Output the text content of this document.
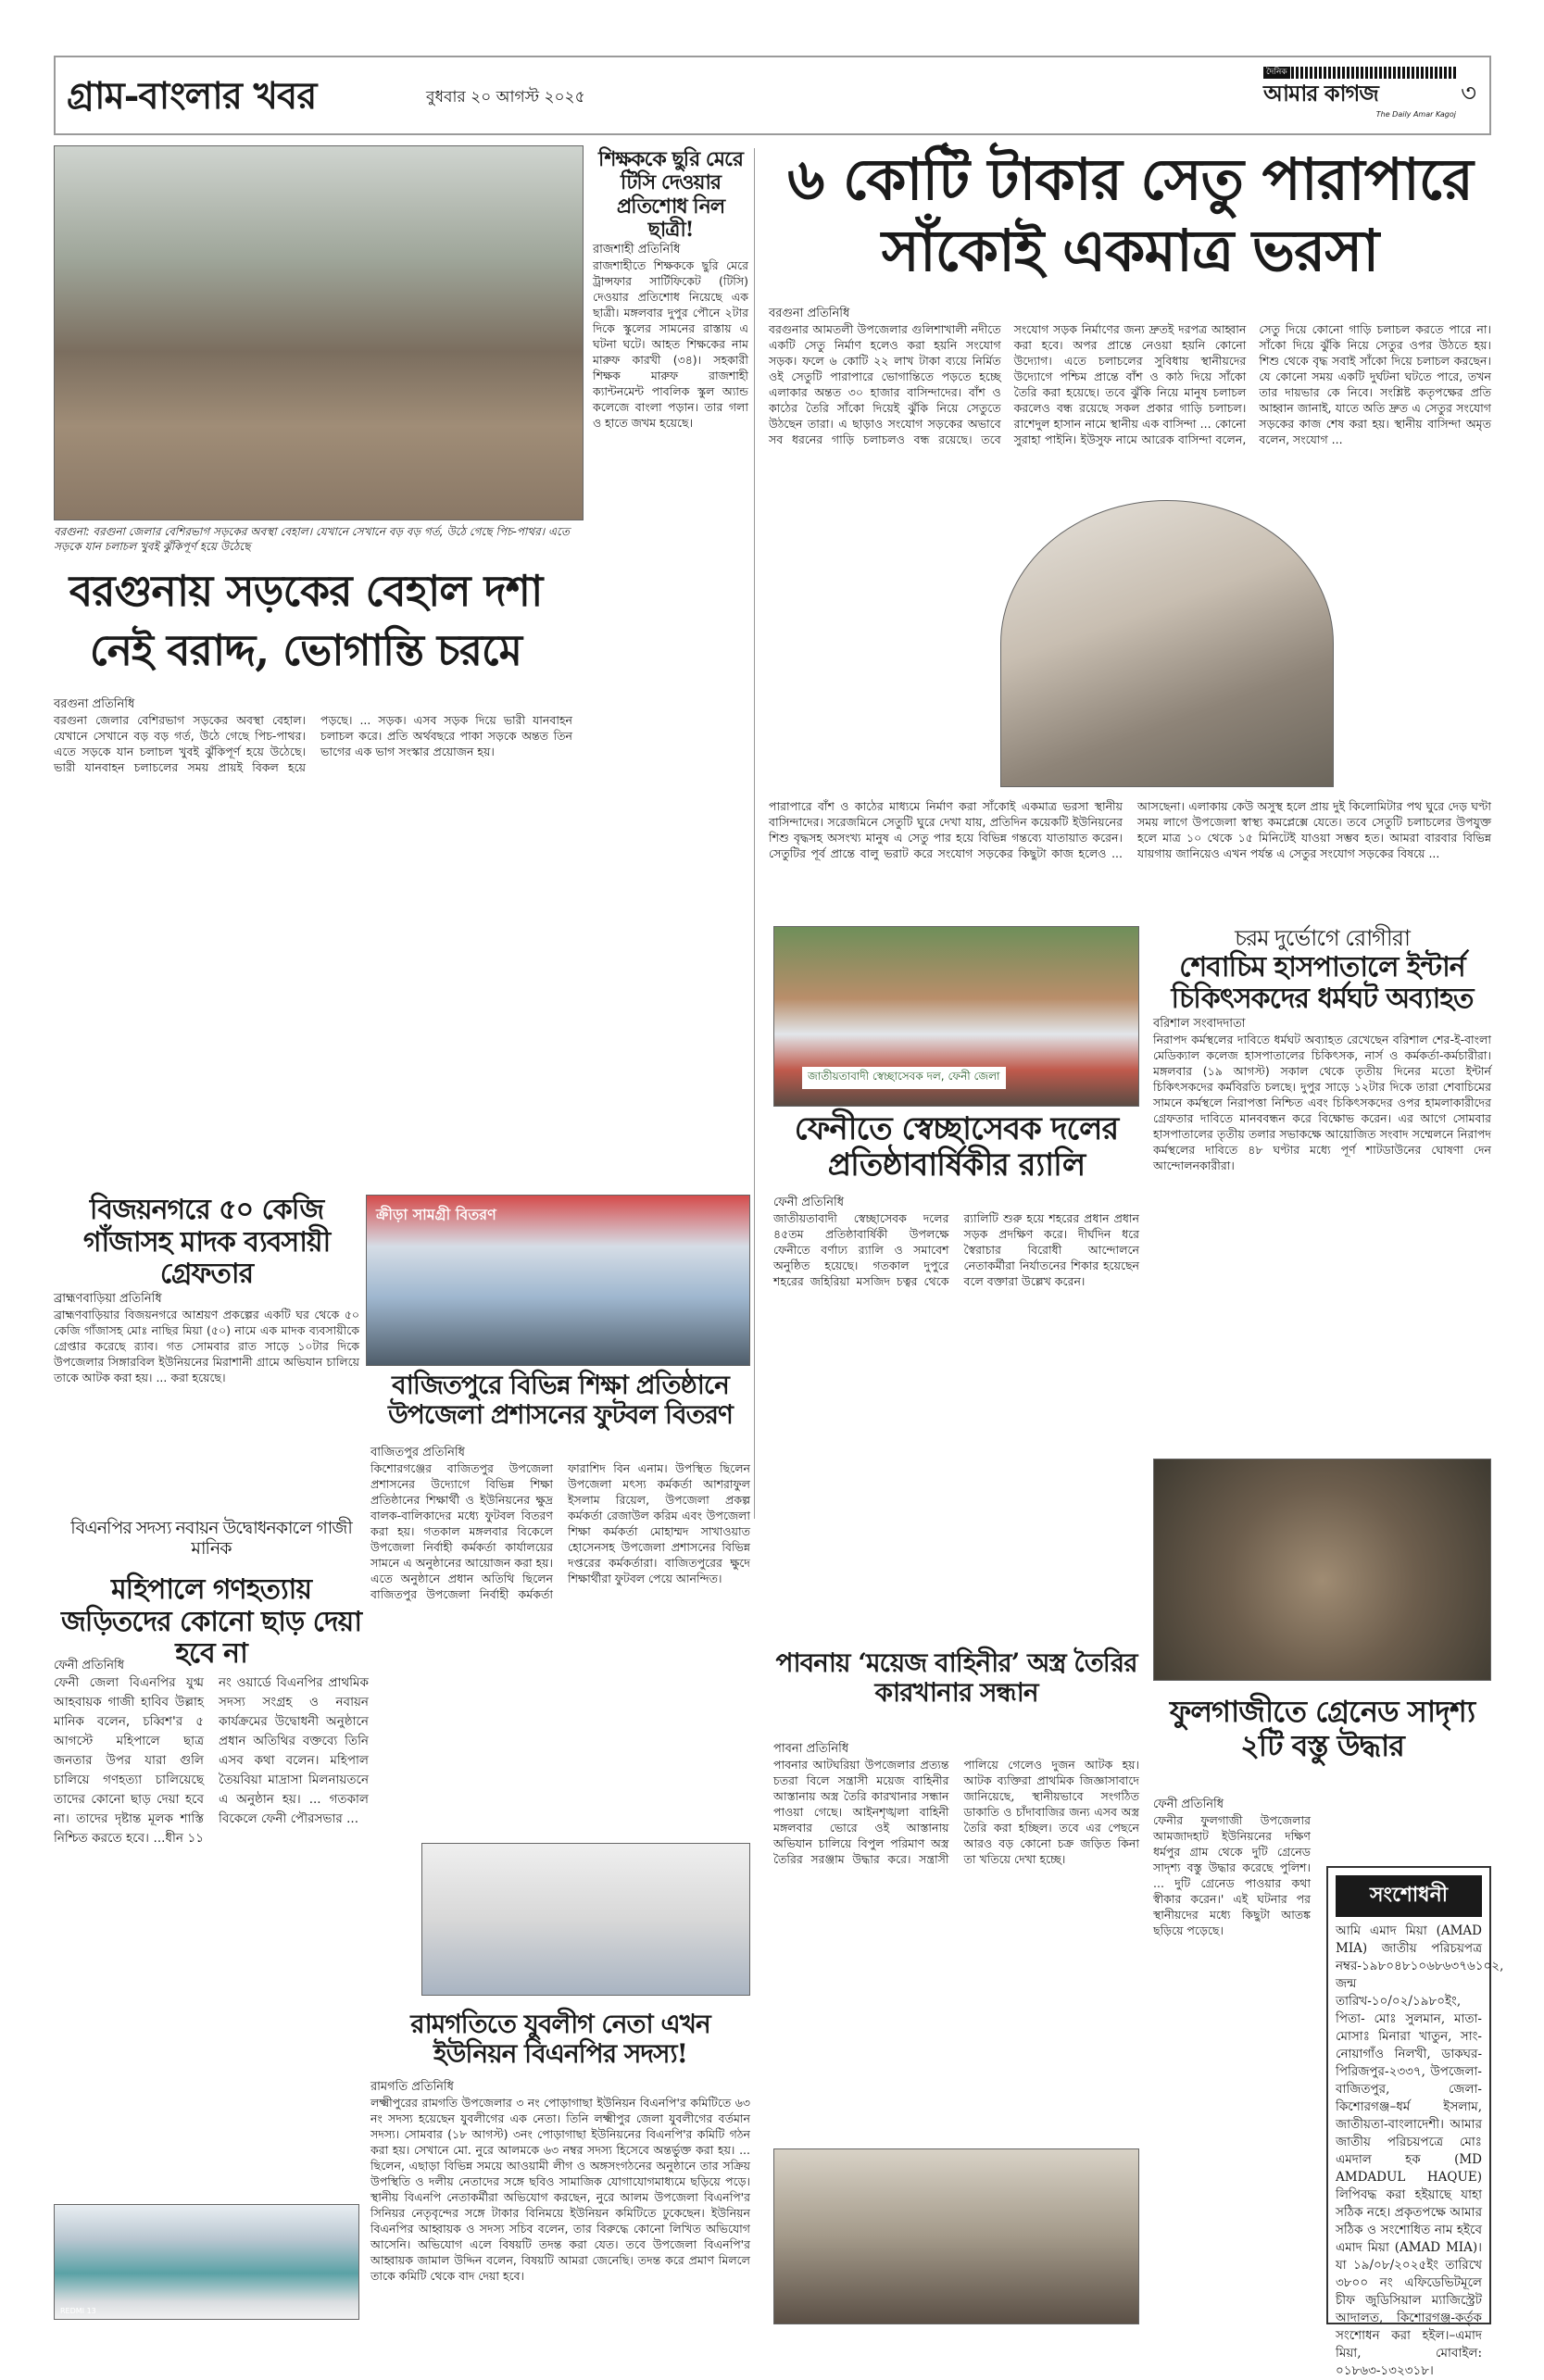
গ্রাম-বাংলার খবর	বুধবার ২০ আগস্ট ২০২৫
দৈনিক
আমার কাগজ	৩
The Daily Amar Kagoj
বরগুনা: বরগুনা জেলার বেশিরভাগ সড়কের অবস্থা বেহাল। যেখানে সেখানে বড় বড় গর্ত, উঠে গেছে পিচ-পাথর। এতে সড়কে যান চলাচল খুবই ঝুঁকিপূর্ণ হয়ে উঠেছে
বরগুনায় সড়কের বেহাল দশা
নেই বরাদ্দ, ভোগান্তি চরমে
বরগুনা প্রতিনিধি
বরগুনা জেলার বেশিরভাগ সড়কের অবস্থা বেহাল। যেখানে সেখানে বড় বড় গর্ত, উঠে গেছে পিচ-পাথর। এতে সড়কে যান চলাচল খুবই ঝুঁকিপূর্ণ হয়ে উঠেছে। ভারী যানবাহন চলাচলের সময় প্রায়ই বিকল হয়ে পড়ছে। ... সড়ক। এসব সড়ক দিয়ে ভারী যানবাহন চলাচল করে। প্রতি অর্থবছরে পাকা সড়কে অন্তত তিন ভাগের এক ভাগ সংস্কার প্রয়োজন হয়।
শিক্ষককে ছুরি মেরে টিসি দেওয়ার প্রতিশোধ নিল ছাত্রী!
রাজশাহী প্রতিনিধি
রাজশাহীতে শিক্ষককে ছুরি মেরে ট্রান্সফার সার্টিফিকেট (টিসি) দেওয়ার প্রতিশোধ নিয়েছে এক ছাত্রী। মঙ্গলবার দুপুর পৌনে ২টার দিকে স্কুলের সামনের রাস্তায় এ ঘটনা ঘটে। আহত শিক্ষকের নাম মারুফ কারখী (৩৪)। সহকারী শিক্ষক মারুফ রাজশাহী ক্যান্টনমেন্ট পাবলিক স্কুল অ্যান্ড কলেজে বাংলা পড়ান। তার গলা ও হাতে জখম হয়েছে।
৬ কোটি টাকার সেতু পারাপারে
সাঁকোই একমাত্র ভরসা
বরগুনা প্রতিনিধি
বরগুনার আমতলী উপজেলার গুলিশাখালী নদীতে একটি সেতু নির্মাণ হলেও করা হয়নি সংযোগ সড়ক। ফলে ৬ কোটি ২২ লাখ টাকা ব্যয়ে নির্মিত ওই সেতুটি পারাপারে ভোগান্তিতে পড়তে হচ্ছে এলাকার অন্তত ৩০ হাজার বাসিন্দাদের। বাঁশ ও কাঠের তৈরি সাঁকো দিয়েই ঝুঁকি নিয়ে সেতুতে উঠছেন তারা। এ ছাড়াও সংযোগ সড়কের অভাবে সব ধরনের গাড়ি চলাচলও বন্ধ রয়েছে। তবে সংযোগ সড়ক নির্মাণের জন্য দ্রুতই দরপত্র আহ্বান করা হবে। অপর প্রান্তে নেওয়া হয়নি কোনো উদ্যোগ। এতে চলাচলের সুবিধায় স্থানীয়দের উদ্যোগে পশ্চিম প্রান্তে বাঁশ ও কাঠ দিয়ে সাঁকো তৈরি করা হয়েছে। তবে ঝুঁকি নিয়ে মানুষ চলাচল করলেও বন্ধ রয়েছে সকল প্রকার গাড়ি চলাচল। রাশেদুল হাসান নামে স্থানীয় এক বাসিন্দা ... কোনো সুরাহা পাইনি। ইউসুফ নামে আরেক বাসিন্দা বলেন, সেতু দিয়ে কোনো গাড়ি চলাচল করতে পারে না। সাঁকো দিয়ে ঝুঁকি নিয়ে সেতুর ওপর উঠতে হয়। শিশু থেকে বৃদ্ধ সবাই সাঁকো দিয়ে চলাচল করছেন। যে কোনো সময় একটি দুর্ঘটনা ঘটতে পারে, তখন তার দায়ভার কে নিবে। সংশ্লিষ্ট কতৃপক্ষের প্রতি আহ্বান জানাই, যাতে অতি দ্রুত এ সেতুর সংযোগ সড়কের কাজ শেষ করা হয়। স্থানীয় বাসিন্দা অমৃত বলেন, সংযোগ ...
পারাপারে বাঁশ ও কাঠের মাধ্যমে নির্মাণ করা সাঁকোই একমাত্র ভরসা স্থানীয় বাসিন্দাদের। সরেজমিনে সেতুটি ঘুরে দেখা যায়, প্রতিদিন কয়েকটি ইউনিয়নের শিশু বৃদ্ধসহ অসংখ্য মানুষ এ সেতু পার হয়ে বিভিন্ন গন্তব্যে যাতায়াত করেন। সেতুটির পূর্ব প্রান্তে বালু ভরাট করে সংযোগ সড়কের কিছুটা কাজ হলেও ... আসছেনা। এলাকায় কেউ অসুস্থ হলে প্রায় দুই কিলোমিটার পথ ঘুরে দেড় ঘণ্টা সময় লাগে উপজেলা স্বাস্থ্য কমপ্লেক্সে যেতে। তবে সেতুটি চলাচলের উপযুক্ত হলে মাত্র ১০ থেকে ১৫ মিনিটেই যাওয়া সম্ভব হত। আমরা বারবার বিভিন্ন যায়গায় জানিয়েও এখন পর্যন্ত এ সেতুর সংযোগ সড়কের বিষয়ে ...
জাতীয়তাবাদী স্বেচ্ছাসেবক দল, ফেনী জেলা
ফেনীতে স্বেচ্ছাসেবক দলের প্রতিষ্ঠাবার্ষিকীর র‍্যালি
ফেনী প্রতিনিধি
জাতীয়তাবাদী স্বেচ্ছাসেবক দলের ৪৫তম প্রতিষ্ঠাবার্ষিকী উপলক্ষে ফেনীতে বর্ণাঢ্য র‍্যালি ও সমাবেশ অনুষ্ঠিত হয়েছে। গতকাল দুপুরে শহরের জহিরিয়া মসজিদ চত্বর থেকে র‍্যালিটি শুরু হয়ে শহরের প্রধান প্রধান সড়ক প্রদক্ষিণ করে। দীর্ঘদিন ধরে স্বৈরাচার বিরোধী আন্দোলনে নেতাকর্মীরা নির্যাতনের শিকার হয়েছেন বলে বক্তারা উল্লেখ করেন।
চরম দুর্ভোগে রোগীরা
শেবাচিম হাসপাতালে ইন্টার্ন চিকিৎসকদের ধর্মঘট অব্যাহত
বরিশাল সংবাদদাতা
নিরাপদ কর্মস্থলের দাবিতে ধর্মঘট অব্যাহত রেখেছেন বরিশাল শের-ই-বাংলা মেডিক্যাল কলেজ হাসপাতালের চিকিৎসক, নার্স ও কর্মকর্তা-কর্মচারীরা। মঙ্গলবার (১৯ আগস্ট) সকাল থেকে তৃতীয় দিনের মতো ইন্টার্ন চিকিৎসকদের কর্মবিরতি চলছে। দুপুর সাড়ে ১২টার দিকে তারা শেবাচিমের সামনে কর্মস্থলে নিরাপত্তা নিশ্চিত এবং চিকিৎসকদের ওপর হামলাকারীদের গ্রেফতার দাবিতে মানববন্ধন করে বিক্ষোভ করেন। এর আগে সোমবার হাসপাতালের তৃতীয় তলার সভাকক্ষে আয়োজিত সংবাদ সম্মেলনে নিরাপদ কর্মস্থলের দাবিতে ৪৮ ঘণ্টার মধ্যে পূর্ণ শাটডাউনের ঘোষণা দেন আন্দোলনকারীরা।
বিজয়নগরে ৫০ কেজি গাঁজাসহ মাদক ব্যবসায়ী গ্রেফতার
ব্রাহ্মণবাড়িয়া প্রতিনিধি
ব্রাহ্মণবাড়িয়ার বিজয়নগরে আশ্রয়ণ প্রকল্পের একটি ঘর থেকে ৫০ কেজি গাঁজাসহ মোঃ নাছির মিয়া (৫০) নামে এক মাদক ব্যবসায়ীকে গ্রেপ্তার করেছে র‍্যাব। গত সোমবার রাত সাড়ে ১০টার দিকে উপজেলার সিঙ্গারবিল ইউনিয়নের মিরাশানী গ্রামে অভিযান চালিয়ে তাকে আটক করা হয়। ... করা হয়েছে।
ক্রীড়া সামগ্রী বিতরণ
বাজিতপুরে বিভিন্ন শিক্ষা প্রতিষ্ঠানে উপজেলা প্রশাসনের ফুটবল বিতরণ
বাজিতপুর প্রতিনিধি
কিশোরগঞ্জের বাজিতপুর উপজেলা প্রশাসনের উদ্যোগে বিভিন্ন শিক্ষা প্রতিষ্ঠানের শিক্ষার্থী ও ইউনিয়নের ক্ষুদ্র বালক-বালিকাদের মধ্যে ফুটবল বিতরণ করা হয়। গতকাল মঙ্গলবার বিকেলে উপজেলা নির্বাহী কর্মকর্তা কার্যালয়ের সামনে এ অনুষ্ঠানের আয়োজন করা হয়। এতে অনুষ্ঠানে প্রধান অতিথি ছিলেন বাজিতপুর উপজেলা নির্বাহী কর্মকর্তা ফারাশিদ বিন এনাম। উপস্থিত ছিলেন উপজেলা মৎস্য কর্মকর্তা আশরাফুল ইসলাম রিয়েল, উপজেলা প্রকল্প কর্মকর্তা রেজাউল করিম এবং উপজেলা শিক্ষা কর্মকর্তা মোহাম্মদ সাখাওয়াত হোসেনসহ উপজেলা প্রশাসনের বিভিন্ন দপ্তরের কর্মকর্তারা। বাজিতপুরের ক্ষুদে শিক্ষার্থীরা ফুটবল পেয়ে আনন্দিত।
বিএনপির সদস্য নবায়ন উদ্বোধনকালে গাজী মানিক
মহিপালে গণহত্যায় জড়িতদের কোনো ছাড় দেয়া হবে না
ফেনী প্রতিনিধি
ফেনী জেলা বিএনপির যুগ্ম আহবায়ক গাজী হাবিব উল্লাহ মানিক বলেন, চব্বিশ'র ৫ আগস্টে মহিপালে ছাত্র জনতার উপর যারা গুলি চালিয়ে গণহত্যা চালিয়েছে তাদের কোনো ছাড় দেয়া হবে না। তাদের দৃষ্টান্ত মূলক শাস্তি নিশ্চিত করতে হবে। ...ধীন ১১ নং ওয়ার্ডে বিএনপির প্রাথমিক সদস্য সংগ্রহ ও নবায়ন কার্যক্রমের উদ্বোধনী অনুষ্ঠানে প্রধান অতিথির বক্তব্যে তিনি এসব কথা বলেন। মহিপাল তৈয়বিয়া মাদ্রাসা মিলনায়তনে এ অনুষ্ঠান হয়। ... গতকাল বিকেলে ফেনী পৌরসভার ...
রামগতিতে যুবলীগ নেতা এখন ইউনিয়ন বিএনপির সদস্য!
রামগতি প্রতিনিধি
লক্ষ্মীপুরের রামগতি উপজেলার ৩ নং পোড়াগাছা ইউনিয়ন বিএনপি'র কমিটিতে ৬৩ নং সদস্য হয়েছেন যুবলীগের এক নেতা। তিনি লক্ষ্মীপুর জেলা যুবলীগের বর্তমান সদস্য। সোমবার (১৮ আগস্ট) ৩নং পোড়াগাছা ইউনিয়নের বিএনপি'র কমিটি গঠন করা হয়। সেখানে মো. নুরে আলমকে ৬৩ নম্বর সদস্য হিসেবে অন্তর্ভুক্ত করা হয়। ... ছিলেন, এছাড়া বিভিন্ন সময়ে আওয়ামী লীগ ও অঙ্গসংগঠনের অনুষ্ঠানে তার সক্রিয় উপস্থিতি ও দলীয় নেতাদের সঙ্গে ছবিও সামাজিক যোগাযোগমাধ্যমে ছড়িয়ে পড়ে। স্থানীয় বিএনপি নেতাকর্মীরা অভিযোগ করছেন, নুরে আলম উপজেলা বিএনপি'র সিনিয়র নেতৃবৃন্দের সঙ্গে টাকার বিনিময়ে ইউনিয়ন কমিটিতে ঢুকেছেন। ইউনিয়ন বিএনপির আহ্বায়ক ও সদস্য সচিব বলেন, তার বিরুদ্ধে কোনো লিখিত অভিযোগ আসেনি। অভিযোগ এলে বিষয়টি তদন্ত করা যেত। তবে উপজেলা বিএনপি'র আহ্বায়ক জামাল উদ্দিন বলেন, বিষয়টি আমরা জেনেছি। তদন্ত করে প্রমাণ মিললে তাকে কমিটি থেকে বাদ দেয়া হবে।
REDMI 13
পাবনায় ‘ময়েজ বাহিনীর’ অস্ত্র তৈরির কারখানার সন্ধান
পাবনা প্রতিনিধি
পাবনার আটঘরিয়া উপজেলার প্রত্যন্ত চতরা বিলে সন্ত্রাসী ময়েজ বাহিনীর আস্তানায় অস্ত্র তৈরি কারখানার সন্ধান পাওয়া গেছে। আইনশৃঙ্খলা বাহিনী মঙ্গলবার ভোরে ওই আস্তানায় অভিযান চালিয়ে বিপুল পরিমাণ অস্ত্র তৈরির সরঞ্জাম উদ্ধার করে। সন্ত্রাসী পালিয়ে গেলেও দুজন আটক হয়। আটক ব্যক্তিরা প্রাথমিক জিজ্ঞাসাবাদে জানিয়েছে, স্থানীয়ভাবে সংগঠিত ডাকাতি ও চাঁদাবাজির জন্য এসব অস্ত্র তৈরি করা হচ্ছিল। তবে এর পেছনে আরও বড় কোনো চক্র জড়িত কিনা তা খতিয়ে দেখা হচ্ছে।
ফুলগাজীতে গ্রেনেড সাদৃশ্য ২টি বস্তু উদ্ধার
ফেনী প্রতিনিধি
ফেনীর ফুলগাজী উপজেলার আমজাদহাট ইউনিয়নের দক্ষিণ ধর্মপুর গ্রাম থেকে দুটি গ্রেনেড সাদৃশ্য বস্তু উদ্ধার করেছে পুলিশ। ... দুটি গ্রেনেড পাওয়ার কথা স্বীকার করেন।' এই ঘটনার পর স্থানীয়দের মধ্যে কিছুটা আতঙ্ক ছড়িয়ে পড়েছে।
সংশোধনী
আমি এমাদ মিয়া (AMAD MIA) জাতীয় পরিচয়পত্র নম্বর-১৯৮০৪৮১০৬৮৬৩৭৬১০২, জন্ম তারিখ-১০/০২/১৯৮০ইং, পিতা- মোঃ সুলমান, মাতা- মোসাঃ মিনারা খাতুন, সাং- নোয়াগাঁও নিলখী, ডাকঘর- পিরিজপুর-২৩৩৭, উপজেলা- বাজিতপুর, জেলা- কিশোরগঞ্জ–ধর্ম ইসলাম, জাতীয়তা-বাংলাদেশী। আমার জাতীয় পরিচয়পত্রে মোঃ এমদাল হক (MD AMDADUL HAQUE) লিপিবদ্ধ করা হইয়াছে যাহা সঠিক নহে। প্রকৃতপক্ষে আমার সঠিক ও সংশোধিত নাম হইবে এমাদ মিয়া (AMAD MIA)। যা ১৯/০৮/২০২৫ইং তারিখে ৩৮০০ নং এফিডেভিটমূলে চীফ জুডিসিয়াল ম্যাজিস্ট্রেট আদালত, কিশোরগঞ্জ-কর্তৃক সংশোধন করা হইল।–এমাদ মিয়া, মোবাইল: ০১৮৬৩-১৩২৩১৮।
